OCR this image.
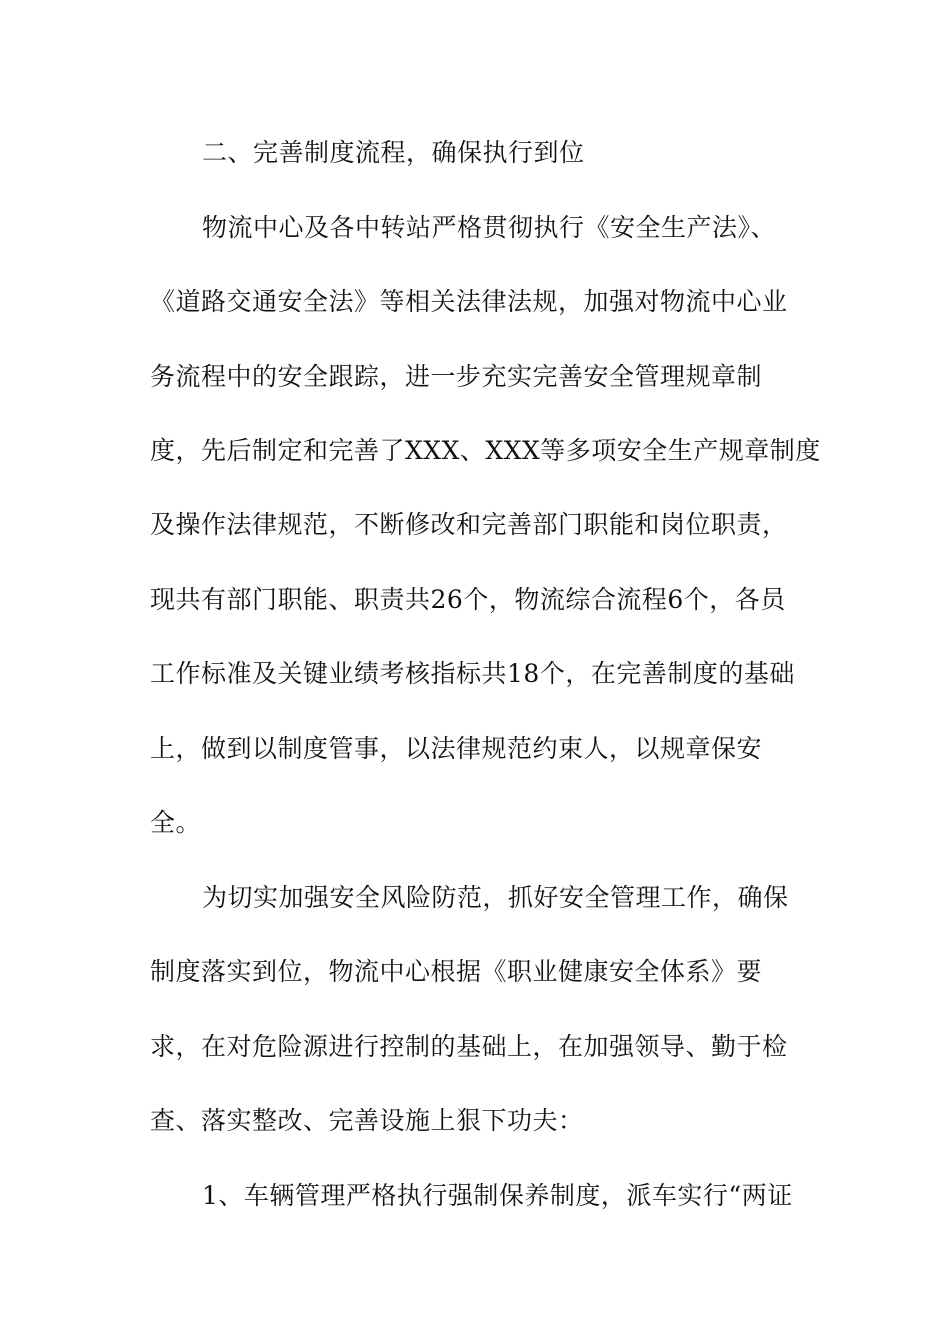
二、完善制度流程，确保执行到位
物流中心及各中转站严格贯彻执行《安全生产法》、
《道路交通安全法》等相关法律法规，加强对物流中心业
务流程中的安全跟踪，进一步充实完善安全管理规章制
度，先后制定和完善了XXX、XXX等多项安全生产规章制度
及操作法律规范，不断修改和完善部门职能和岗位职责，
现共有部门职能、职责共26个，物流综合流程6个，各员
工作标准及关键业绩考核指标共18个，在完善制度的基础
上，做到以制度管事，以法律规范约束人，以规章保安
全。
为切实加强安全风险防范，抓好安全管理工作，确保
制度落实到位，物流中心根据《职业健康安全体系》要
求，在对危险源进行控制的基础上，在加强领导、勤于检
查、落实整改、完善设施上狠下功夫：
1、车辆管理严格执行强制保养制度，派车实行“两证
